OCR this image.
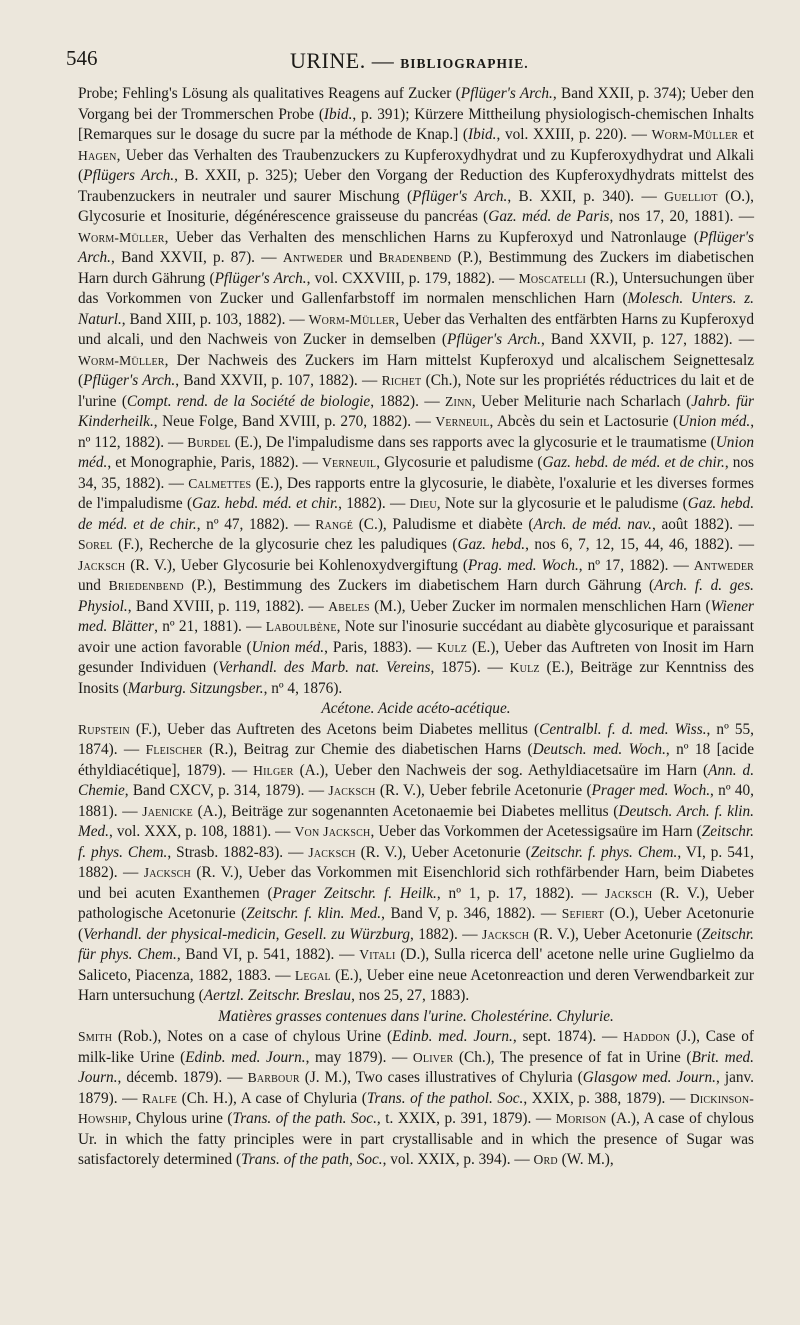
546	URINE. — BIBLIOGRAPHIE.

Probe; Fehling's Lösung als qualitatives Reagens auf Zucker (Pflüger's Arch., Band XXII, p. 374); Ueber den Vorgang bei der Trommerschen Probe (Ibid., p. 391); Kürzere Mittheilung physiologisch-chemischen Inhalts [Remarques sur le dosage du sucre par la méthode de Knap.] (Ibid., vol. XXIII, p. 220). — Worm-Müller et Hagen, Ueber das Verhalten des Traubenzuckers zu Kupferoxydhydrat und zu Kupferoxydhydrat und Alkali (Pflügers Arch., B. XXII, p. 325); Ueber den Vorgang der Reduction des Kupferoxydhydrats mittelst des Traubenzuckers in neutraler und saurer Mischung (Pflüger's Arch., B. XXII, p. 340). — Guelliot (O.), Glycosurie et Inositurie, dégénérescence graisseuse du pancréas (Gaz. méd. de Paris, nos 17, 20, 1881). — Worm-Müller, Ueber das Verhalten des menschlichen Harns zu Kupferoxyd und Natronlauge (Pflüger's Arch., Band XXVII, p. 87). — Antweder und Bradenbend (P.), Bestimmung des Zuckers im diabetischen Harn durch Gährung (Pflüger's Arch., vol. CXXVIII, p. 179, 1882). — Moscatelli (R.), Untersuchungen über das Vorkommen von Zucker und Gallenfarbstoff im normalen menschlichen Harn (Molesch. Unters. z. Naturl., Band XIII, p. 103, 1882). — Worm-Müller, Ueber das Verhalten des entfärbten Harns zu Kupferoxyd und alcali, und den Nachweis von Zucker in demselben (Pflüger's Arch., Band XXVII, p. 127, 1882). — Worm-Müller, Der Nachweis des Zuckers im Harn mittelst Kupferoxyd und alcalischem Seignettesalz (Pflüger's Arch., Band XXVII, p. 107, 1882). — Richet (Ch.), Note sur les propriétés réductrices du lait et de l'urine (Compt. rend. de la Société de biologie, 1882). — Zinn, Ueber Meliturie nach Scharlach (Jahrb. für Kinderheilk., Neue Folge, Band XVIII, p. 270, 1882). — Verneuil, Abcès du sein et Lactosurie (Union méd., nº 112, 1882). — Burdel (E.), De l'impaludisme dans ses rapports avec la glycosurie et le traumatisme (Union méd., et Monographie, Paris, 1882). — Verneuil, Glycosurie et paludisme (Gaz. hebd. de méd. et de chir., nos 34, 35, 1882). — Calmettes (E.), Des rapports entre la glycosurie, le diabète, l'oxalurie et les diverses formes de l'impaludisme (Gaz. hebd. méd. et chir., 1882). — Dieu, Note sur la glycosurie et le paludisme (Gaz. hebd. de méd. et de chir., nº 47, 1882). — Rangé (C.), Paludisme et diabète (Arch. de méd. nav., août 1882). — Sorel (F.), Recherche de la glycosurie chez les paludiques (Gaz. hebd., nos 6, 7, 12, 15, 44, 46, 1882). — Jacksch (R. V.), Ueber Glycosurie bei Kohlenoxydvergiftung (Prag. med. Woch., nº 17, 1882). — Antweder und Briedenbend (P.), Bestimmung des Zuckers im diabetischem Harn durch Gährung (Arch. f. d. ges. Physiol., Band XVIII, p. 119, 1882). — Abeles (M.), Ueber Zucker im normalen menschlichen Harn (Wiener med. Blätter, nº 21, 1881). — Laboulbène, Note sur l'inosurie succédant au diabète glycosurique et paraissant avoir une action favorable (Union méd., Paris, 1883). — Kulz (E.), Ueber das Auftreten von Inosit im Harn gesunder Individuen (Verhandl. des Marb. nat. Vereins, 1875). — Kulz (E.), Beiträge zur Kenntniss des Inosits (Marburg. Sitzungsber., nº 4, 1876).

Acétone. Acide acéto-acétique.

Rupstein (F.), Ueber das Auftreten des Acetons beim Diabetes mellitus (Centralbl. f. d. med. Wiss., nº 55, 1874). — Fleischer (R.), Beitrag zur Chemie des diabetischen Harns (Deutsch. med. Woch., nº 18 [acide éthyldiacétique], 1879). — Hilger (A.), Ueber den Nachweis der sog. Aethyldiacetsaüre im Harn (Ann. d. Chemie, Band CXCV, p. 314, 1879). — Jacksch (R. V.), Ueber febrile Acetonurie (Prager med. Woch., nº 40, 1881). — Jaenicke (A.), Beiträge zur sogenannten Acetonaemie bei Diabetes mellitus (Deutsch. Arch. f. klin. Med., vol. XXX, p. 108, 1881). — Von Jacksch, Ueber das Vorkommen der Acetessigsaüre im Harn (Zeitschr. f. phys. Chem., Strasb. 1882-83). — Jacksch (R. V.), Ueber Acetonurie (Zeitschr. f. phys. Chem., VI, p. 541, 1882). — Jacksch (R. V.), Ueber das Vorkommen mit Eisenchlorid sich rothfärbender Harn, beim Diabetes und bei acuten Exanthemen (Prager Zeitschr. f. Heilk., nº 1, p. 17, 1882). — Jacksch (R. V.), Ueber pathologische Acetonurie (Zeitschr. f. klin. Med., Band V, p. 346, 1882). — Sefiert (O.), Ueber Acetonurie (Verhandl. der physical-medicin, Gesell. zu Würzburg, 1882). — Jacksch (R. V.), Ueber Acetonurie (Zeitschr. für phys. Chem., Band VI, p. 541, 1882). — Vitali (D.), Sulla ricerca dell' acetone nelle urine Guglielmo da Saliceto, Piacenza, 1882, 1883. — Legal (E.), Ueber eine neue Acetonreaction und deren Verwendbarkeit zur Harn untersuchung (Aertzl. Zeitschr. Breslau, nos 25, 27, 1883).

Matières grasses contenues dans l'urine. Cholestérine. Chylurie.

Smith (Rob.), Notes on a case of chylous Urine (Edinb. med. Journ., sept. 1874). — Haddon (J.), Case of milk-like Urine (Edinb. med. Journ., may 1879). — Oliver (Ch.), The presence of fat in Urine (Brit. med. Journ., décemb. 1879). — Barbour (J. M.), Two cases illustratives of Chyluria (Glasgow med. Journ., janv. 1879). — Ralfe (Ch. H.), A case of Chyluria (Trans. of the pathol. Soc., XXIX, p. 388, 1879). — Dickinson-Howship, Chylous urine (Trans. of the path. Soc., t. XXIX, p. 391, 1879). — Morison (A.), A case of chylous Ur. in which the fatty principles were in part crystallisable and in which the presence of Sugar was satisfactorely determined (Trans. of the path, Soc., vol. XXIX, p. 394). — Ord (W. M.),
